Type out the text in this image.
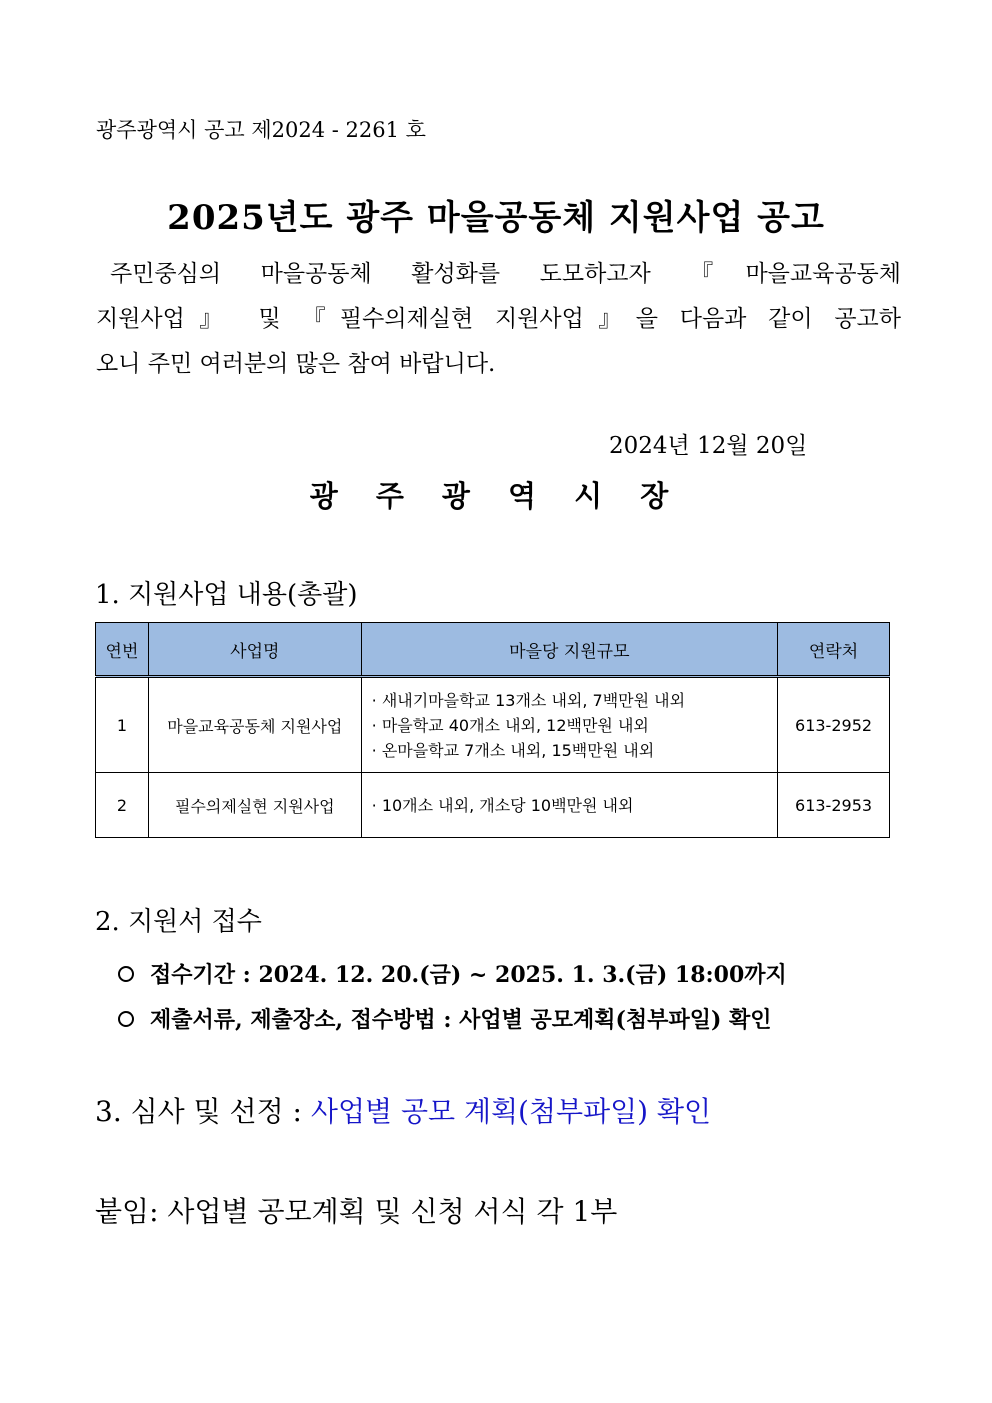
광주광역시 공고 제2024 - 2261 호
2025년도 광주 마을공동체 지원사업 공고

주민중심의 마을공동체 활성화를 도모하고자 『마을교육공동체

지원사업』 및 『필수의제실현 지원사업』을 다음과 같이 공고하

오니 주민 여러분의 많은 참여 바랍니다.

2024년 12월 20일
광 주 광 역 시 장
1. 지원사업 내용(총괄)
연번	사업명	마을당 지원규모	연락처
1	마을교육공동체 지원사업	· 새내기마을학교 13개소 내외, 7백만원 내외
· 마을학교 40개소 내외, 12백만원 내외
· 온마을학교 7개소 내외, 15백만원 내외	613-2952
2	필수의제실현 지원사업	· 10개소 내외, 개소당 10백만원 내외	613-2953
2. 지원서 접수
접수기간 : 2024. 12. 20.(금) ~ 2025. 1. 3.(금) 18:00까지
제출서류, 제출장소, 접수방법 : 사업별 공모계획(첨부파일) 확인
3. 심사 및 선정 : 사업별 공모 계획(첨부파일) 확인
붙임: 사업별 공모계획 및 신청 서식 각 1부
